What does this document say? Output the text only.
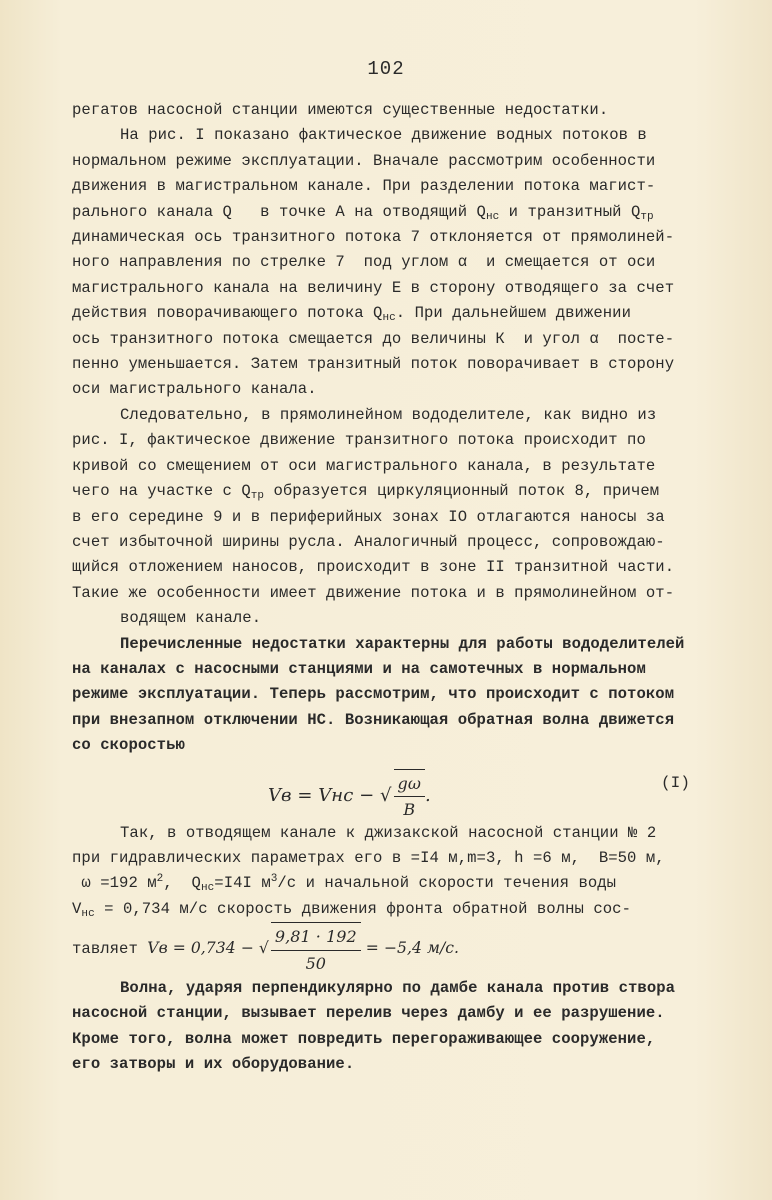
102
регатов насосной станции имеются существенные недостатки.
На рис. I показано фактическое движение водных потоков в
нормальном режиме эксплуатации. Вначале рассмотрим особенности
движения в магистральном канале. При разделении потока магист-
рального канала Q   в точке А на отводящий $Q_{нс}$ и транзитный $Q_{тр}$
динамическая ось транзитного потока 7 отклоняется от прямолиней-
ного направления по стрелке 7  под углом α  и смещается от оси
магистрального канала на величину Е в сторону отводящего за счет
действия поворачивающего потока $Q_{нс}$. При дальнейшем движении
ось транзитного потока смещается до величины К  и угол α  посте-
пенно уменьшается. Затем транзитный поток поворачивает в сторону
оси магистрального канала.
Следовательно, в прямолинейном вододелителе, как видно из
рис. I, фактическое движение транзитного потока происходит по
кривой со смещением от оси магистрального канала, в результате
чего на участке с $Q_{тр}$ образуется циркуляционный поток 8, причем
в его середине 9 и в периферийных зонах IO отлагаются наносы за
счет избыточной ширины русла. Аналогичный процесс, сопровождаю-
щийся отложением наносов, происходит в зоне II транзитной части.
Такие же особенности имеет движение потока и в прямолинейном от-
водящем канале.
Перечисленные недостатки характерны для работы вододелителей
на каналах с насосными станциями и на самотечных в нормальном
режиме эксплуатации. Теперь рассмотрим, что происходит с потоком
при внезапном отключении НС. Возникающая обратная волна движется
со скоростью
Vв = Vнс − √ $\frac{g\omega}{B}$ .
(I)
Так, в отводящем канале к джизакской насосной станции № 2
при гидравлических параметрах его в =I4 м,m=3, h =6 м,  B=50 м,
ω =192 $м^2$,  $Q_{нс}=I4I$ $м^3/с$ и начальной скорости течения воды
$V_{нс} = 0,734$ м/с скорость движения фронта обратной волны сос-
тавляет Vв = 0,734 − √ $\frac{9,81 \cdot 192}{50} = -5,4$ м/с.
Волна, ударяя перпендикулярно по дамбе канала против створа
насосной станции, вызывает перелив через дамбу и ее разрушение.
Кроме того, волна может повредить перегораживающее сооружение,
его затворы и их оборудование.
